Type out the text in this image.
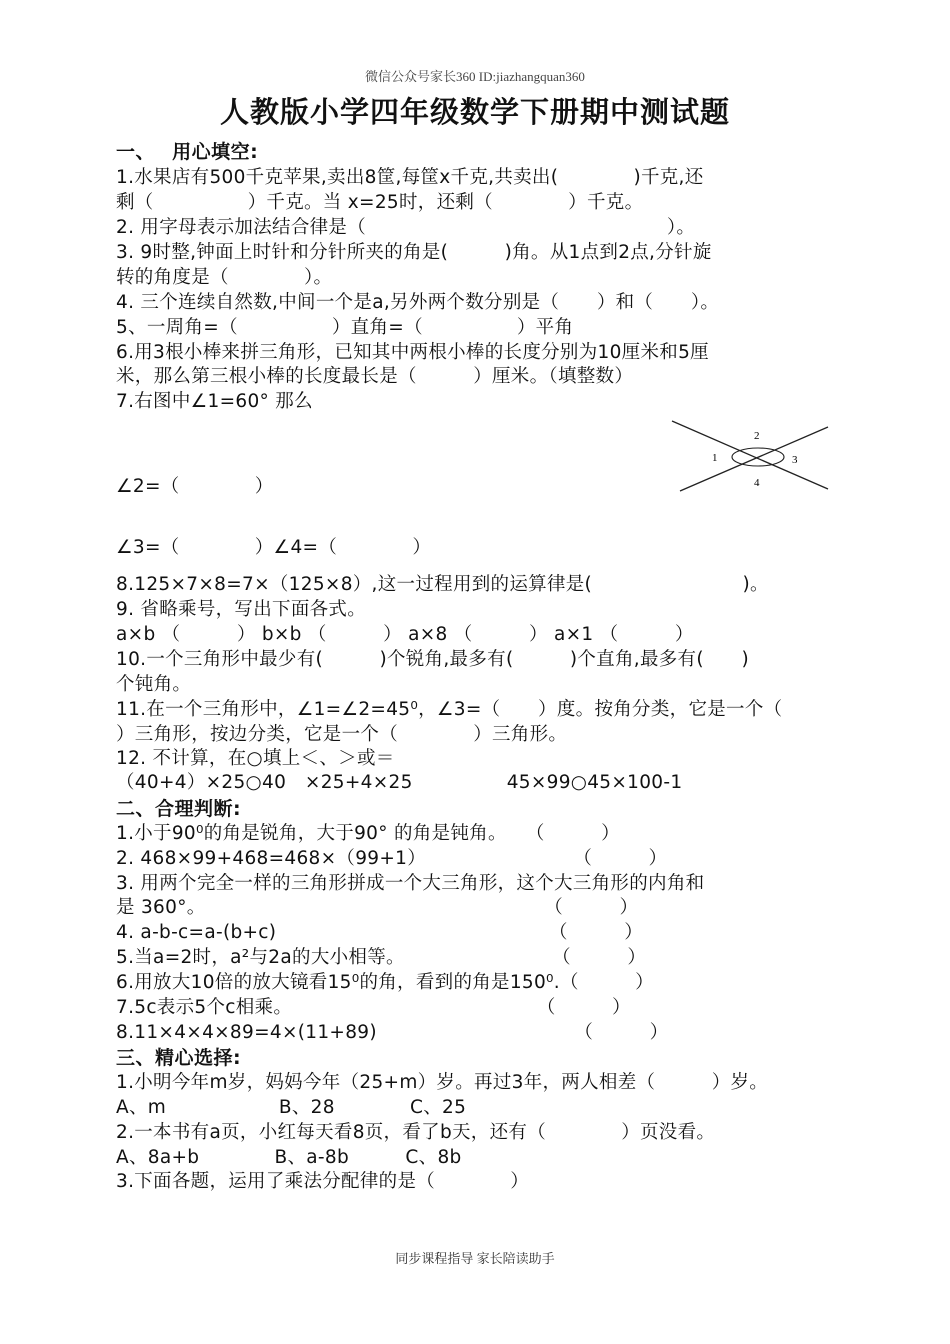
微信公众号家长360 ID:jiazhangquan360
人教版小学四年级数学下册期中测试题
一、　 用心填空:
1.水果店有500千克苹果,卖出8筐,每筐x千克,共卖出(　　　　)千克,还
剩（　　　　　）千克。当 x=25时，还剩（　　　　）千克。
2. 用字母表示加法结合律是（　　　　　　　　　　　　　　　　）。
3. 9时整,钟面上时针和分针所夹的角是(　　　)角。从1点到2点,分针旋
转的角度是（　　　　）。
4. 三个连续自然数,中间一个是a,另外两个数分别是（　　）和（　　）。
5、一周角=（　　　　　）直角=（　　　　　）平角
6.用3根小棒来拼三角形，已知其中两根小棒的长度分别为10厘米和5厘
米，那么第三根小棒的长度最长是（　　　）厘米。（填整数）
7.右图中∠1=60° 那么
1
2
3
4
∠2=（　　　　）
∠3=（　　　　）∠4=（　　　　）
8.125×7×8=7×（125×8）,这一过程用到的运算律是(　　　　　　　　)。
9. 省略乘号，写出下面各式。
a×b （　　　） b×b （　　　） a×8 （　　　） a×1 （　　　）
10.一个三角形中最少有(　　　)个锐角,最多有(　　　)个直角,最多有(　　)
个钝角。
11.在一个三角形中，∠1=∠2=45⁰，∠3=（　　）度。按角分类，它是一个（
）三角形，按边分类，它是一个（　　　　）三角形。
12. 不计算，在○填上＜、＞或＝
（40+4）×25○40　×25+4×25　　　　　45×99○45×100-1
二、合理判断:
1.小于90⁰的角是锐角，大于90° 的角是钝角。　　（　　　）
2. 468×99+468=468×（99+1）　　　　　　　　 （　　　）
3. 用两个完全一样的三角形拼成一个大三角形，这个大三角形的内角和
是 360°。　　　　　　　　　　　　　　　　　　　（　　　）
4. a-b-c=a-(b+c)　　　　　　　　　　　　　　　（　　　）
5.当a=2时，a²与2a的大小相等。　　　　　　　　 （　　　）
6.用放大10倍的放大镜看15⁰的角，看到的角是150⁰.（　　　）
7.5c表示5个c相乘。　　　　　　　　　　　　　　（　　　）
8.11×4×4×89=4×(11+89)　　　　　　　　　　　（　　　）
三、精心选择:
1.小明今年m岁，妈妈今年（25+m）岁。再过3年，两人相差（　　　）岁。
A、m　　　　　　B、28　　　　C、25
2.一本书有a页，小红每天看8页，看了b天，还有（　　　　）页没看。
A、8a+b　　　　B、a-8b　　　C、8b
3.下面各题，运用了乘法分配律的是（　　　　）
同步课程指导 家长陪读助手
